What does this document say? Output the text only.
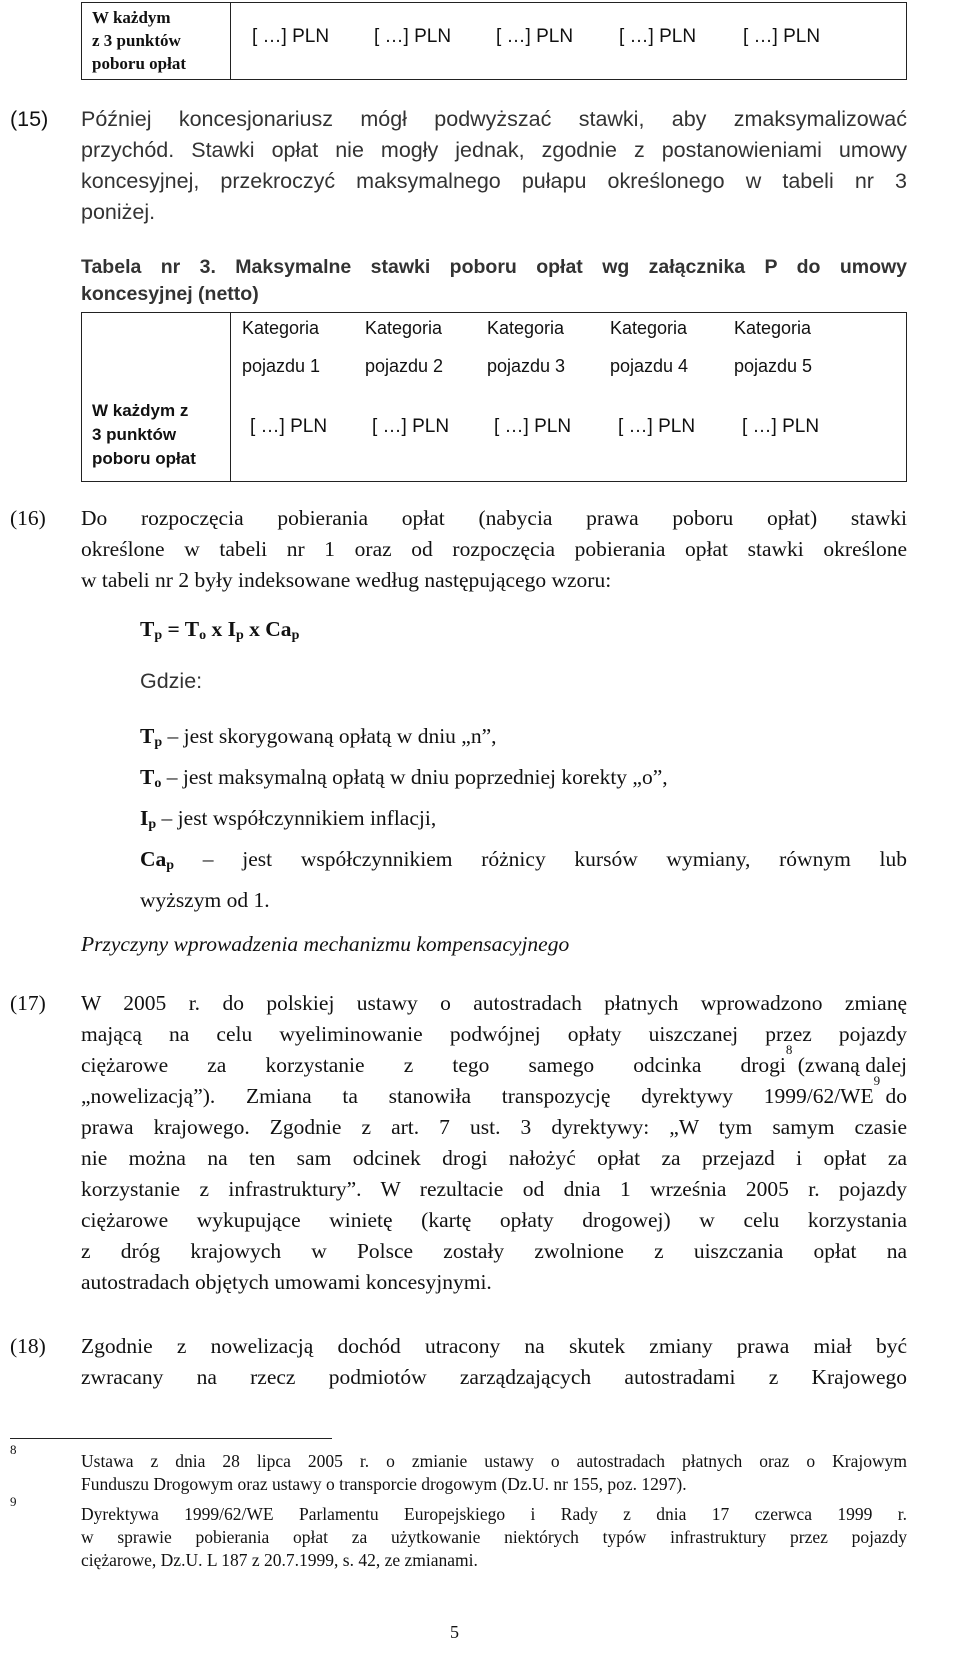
W każdym
z 3 punktów
poboru opłat
[ …] PLN [ …] PLN [ …] PLN [ …] PLN [ …] PLN
(15) Później koncesjonariusz mógł podwyższać stawki, aby zmaksymalizować

przychód. Stawki opłat nie mogły jednak, zgodnie z postanowieniami umowy

koncesyjnej, przekroczyć maksymalnego pułapu określonego w tabeli nr 3

poniżej.

Tabela nr 3. Maksymalne stawki poboru opłat wg załącznika P do umowy
koncesyjnej (netto)
Kategoria
pojazdu 1
Kategoria
pojazdu 2
Kategoria
pojazdu 3
Kategoria
pojazdu 4
Kategoria
pojazdu 5
W każdym z
3 punktów
poboru opłat
[ …] PLN [ …] PLN [ …] PLN [ …] PLN [ …] PLN
(16) Do rozpoczęcia pobierania opłat (nabycia prawa poboru opłat) stawki

określone w tabeli nr 1 oraz od rozpoczęcia pobierania opłat stawki określone

w tabeli nr 2 były indeksowane według następującego wzoru:

$T_p = T_o$ x $I_p$ x $Ca_p$
Gdzie:
$T_p$ – jest skorygowaną opłatą w dniu „n”,
$T_o$ – jest maksymalną opłatą w dniu poprzedniej korekty „o”,
$I_p$ – jest współczynnikiem inflacji,
$Ca_p$ – jest współczynnikiem różnicy kursów wymiany, równym lub
wyższym od 1.
Przyczyny wprowadzenia mechanizmu kompensacyjnego
(17) W 2005 r. do polskiej ustawy o autostradach płatnych wprowadzono zmianę

mającą na celu wyeliminowanie podwójnej opłaty uiszczanej przez pojazdy

ciężarowe za korzystanie z tego samego odcinka drogi
8
(zwaną dalej

„nowelizacją”). Zmiana ta stanowiła transpozycję dyrektywy 1999/62/WE
9
do

prawa krajowego. Zgodnie z art. 7 ust. 3 dyrektywy: „W tym samym czasie

nie można na ten sam odcinek drogi nałożyć opłat za przejazd i opłat za

korzystanie z infrastruktury”. W rezultacie od dnia 1 września 2005 r. pojazdy

ciężarowe wykupujące winietę (kartę opłaty drogowej) w celu korzystania

z dróg krajowych w Polsce zostały zwolnione z uiszczania opłat na

autostradach objętych umowami koncesyjnymi.

(18) Zgodnie z nowelizacją dochód utracony na skutek zmiany prawa miał być

zwracany na rzecz podmiotów zarządzających autostradami z Krajowego

8
Ustawa z dnia 28 lipca 2005 r. o zmianie ustawy o autostradach płatnych oraz o Krajowym
Funduszu Drogowym oraz ustawy o transporcie drogowym (Dz.U. nr 155, poz. 1297).
9
Dyrektywa 1999/62/WE Parlamentu Europejskiego i Rady z dnia 17 czerwca 1999 r.
w sprawie pobierania opłat za użytkowanie niektórych typów infrastruktury przez pojazdy
ciężarowe, Dz.U. L 187 z 20.7.1999, s. 42, ze zmianami.
5
